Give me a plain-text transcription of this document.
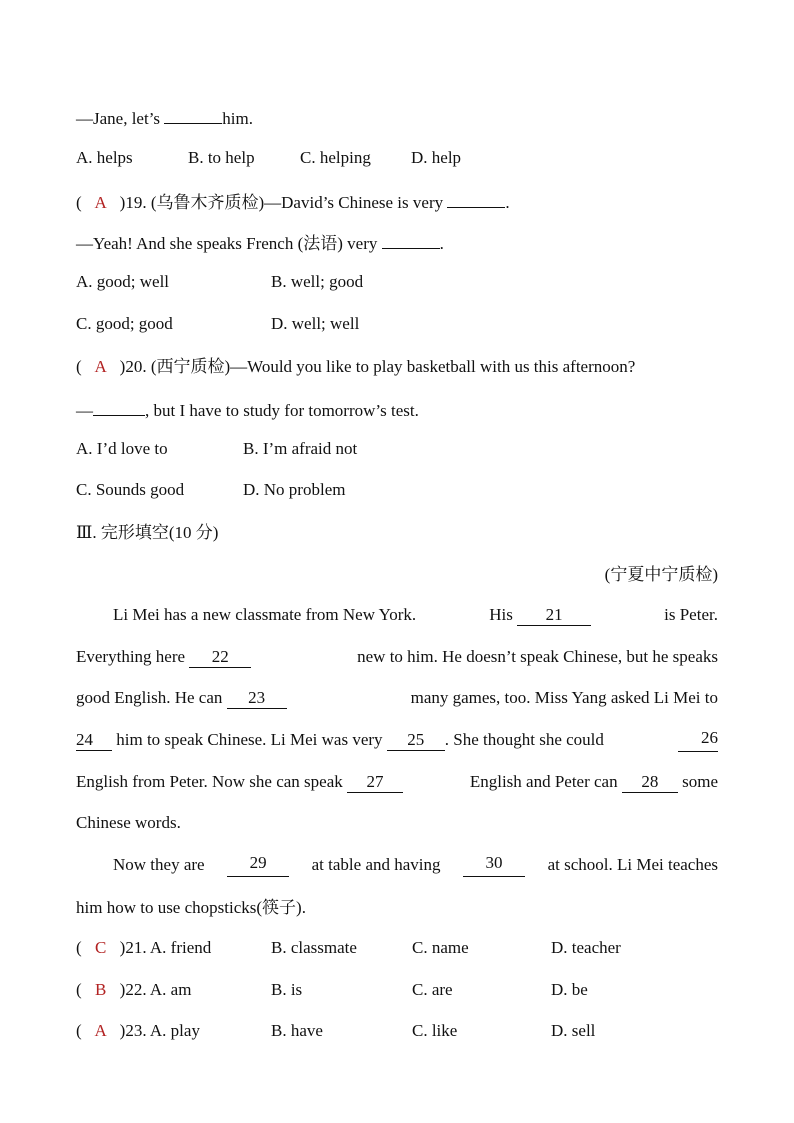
—Jane, let’s	him.
A. helps	B. to help	C. helping D. help
( A )19. (乌鲁木齐质检)—David’s Chinese is very	.
—Yeah! And she speaks French (法语) very	.
A. good; well	B. well; good
C. good; good	D. well; well
( A )20. (西宁质检)—Would you like to play basketball with us this afternoon?
—	, but I have to study for tomorrow’s test.
A. I’d love to	B. I’m afraid not
C. Sounds good	D. No problem
Ⅲ. 完形填空(10 分)
(宁夏中宁质检)
Li Mei has a new classmate from New York.	His 21	is Peter.
Everything here 22	new to him. He doesn’t speak Chinese, but he speaks
good English. He can 23	many games, too. Miss Yang asked Li Mei to
24 him to speak Chinese. Li Mei was very 25 . She thought she could	26
English from Peter. Now she can speak 27	English and Peter can 28 some
Chinese words.
Now they are	29	at table and having	30	at school. Li Mei teaches
him how to use chopsticks(筷子).
( C )21. A. friend	B. classmate	C. name	D. teacher
( B )22. A. am	B. is	C. are	D. be
( A )23. A. play	B. have	C. like	D. sell
